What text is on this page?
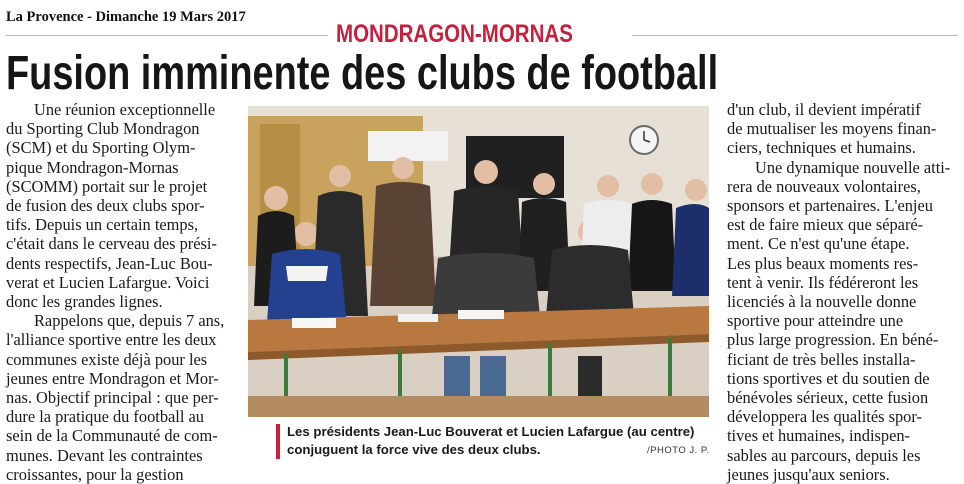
La Provence - Dimanche 19 Mars 2017
MONDRAGON-MORNAS
Fusion imminente des clubs de football
Une réunion exceptionnelle
du Sporting Club Mondragon
(SCM) et du Sporting Olym-
pique Mondragon-Mornas
(SCOMM) portait sur le projet
de fusion des deux clubs spor-
tifs. Depuis un certain temps,
c'était dans le cerveau des prési-
dents respectifs, Jean-Luc Bou-
verat et Lucien Lafargue. Voici
donc les grandes lignes.
Rappelons que, depuis 7 ans,
l'alliance sportive entre les deux
communes existe déjà pour les
jeunes entre Mondragon et Mor-
nas. Objectif principal : que per-
dure la pratique du football au
sein de la Communauté de com-
munes. Devant les contraintes
croissantes, pour la gestion
Les présidents Jean-Luc Bouverat et Lucien Lafargue (au centre)
conjuguent la force vive des deux clubs.	/PHOTO J. P.
d'un club, il devient impératif
de mutualiser les moyens finan-
ciers, techniques et humains.
Une dynamique nouvelle atti-
rera de nouveaux volontaires,
sponsors et partenaires. L'enjeu
est de faire mieux que séparé-
ment. Ce n'est qu'une étape.
Les plus beaux moments res-
tent à venir. Ils fédéreront les
licenciés à la nouvelle donne
sportive pour atteindre une
plus large progression. En béné-
ficiant de très belles installa-
tions sportives et du soutien de
bénévoles sérieux, cette fusion
développera les qualités spor-
tives et humaines, indispen-
sables au parcours, depuis les
jeunes jusqu'aux seniors.
